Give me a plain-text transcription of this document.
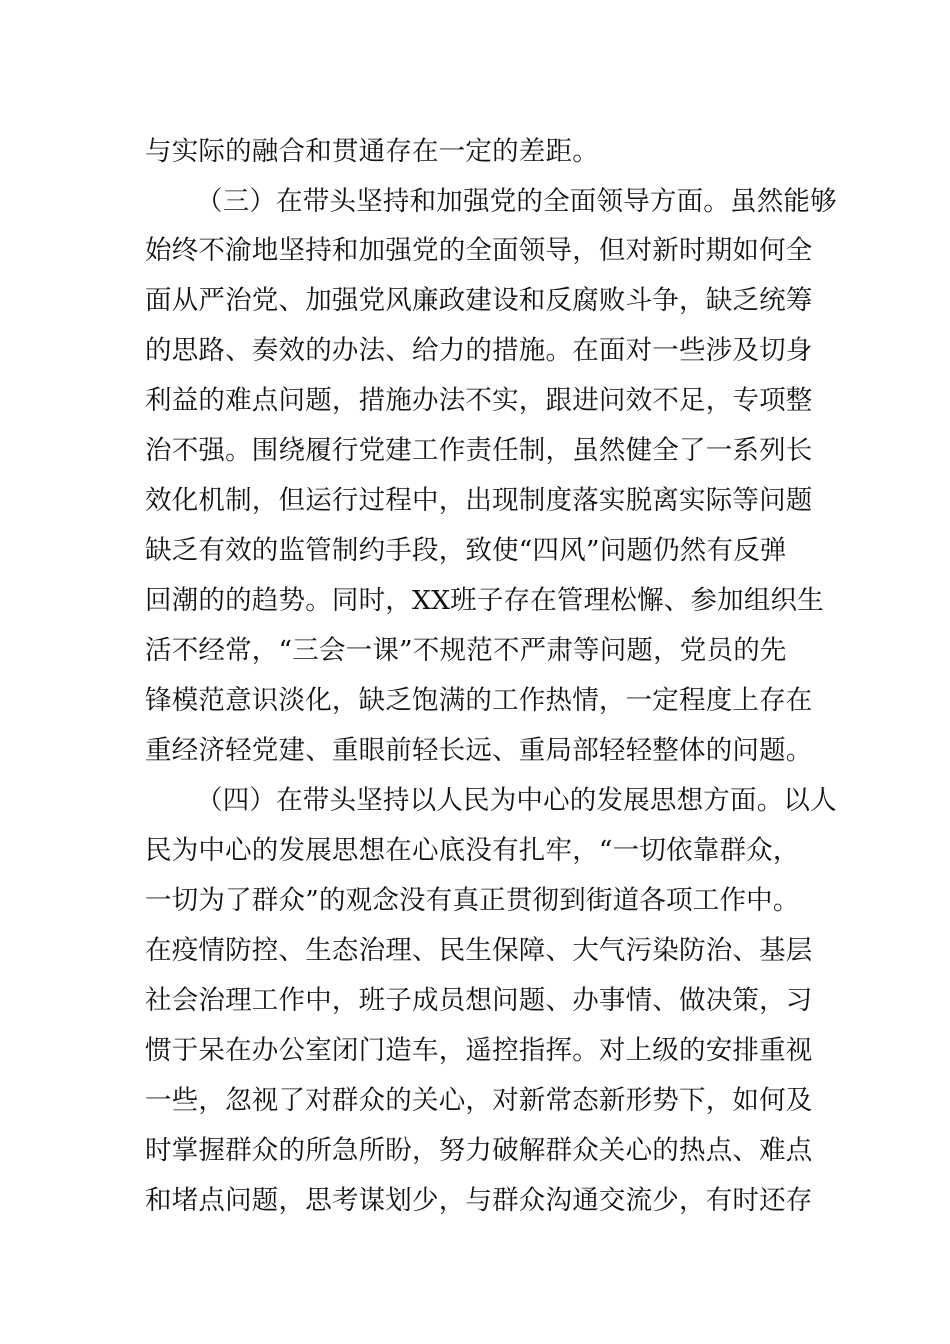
与实际的融合和贯通存在一定的差距。
（三）在带头坚持和加强党的全面领导方面。虽然能够
始终不渝地坚持和加强党的全面领导，但对新时期如何全
面从严治党、加强党风廉政建设和反腐败斗争，缺乏统筹
的思路、奏效的办法、给力的措施。在面对一些涉及切身
利益的难点问题，措施办法不实，跟进问效不足，专项整
治不强。围绕履行党建工作责任制，虽然健全了一系列长
效化机制，但运行过程中，出现制度落实脱离实际等问题
缺乏有效的监管制约手段，致使“四风”问题仍然有反弹
回潮的的趋势。同时，XX班子存在管理松懈、参加组织生
活不经常，“三会一课”不规范不严肃等问题，党员的先
锋模范意识淡化，缺乏饱满的工作热情，一定程度上存在
重经济轻党建、重眼前轻长远、重局部轻轻整体的问题。
（四）在带头坚持以人民为中心的发展思想方面。以人
民为中心的发展思想在心底没有扎牢，“一切依靠群众，
一切为了群众”的观念没有真正贯彻到街道各项工作中。
在疫情防控、生态治理、民生保障、大气污染防治、基层
社会治理工作中，班子成员想问题、办事情、做决策，习
惯于呆在办公室闭门造车，遥控指挥。对上级的安排重视
一些，忽视了对群众的关心，对新常态新形势下，如何及
时掌握群众的所急所盼，努力破解群众关心的热点、难点
和堵点问题，思考谋划少，与群众沟通交流少，有时还存
